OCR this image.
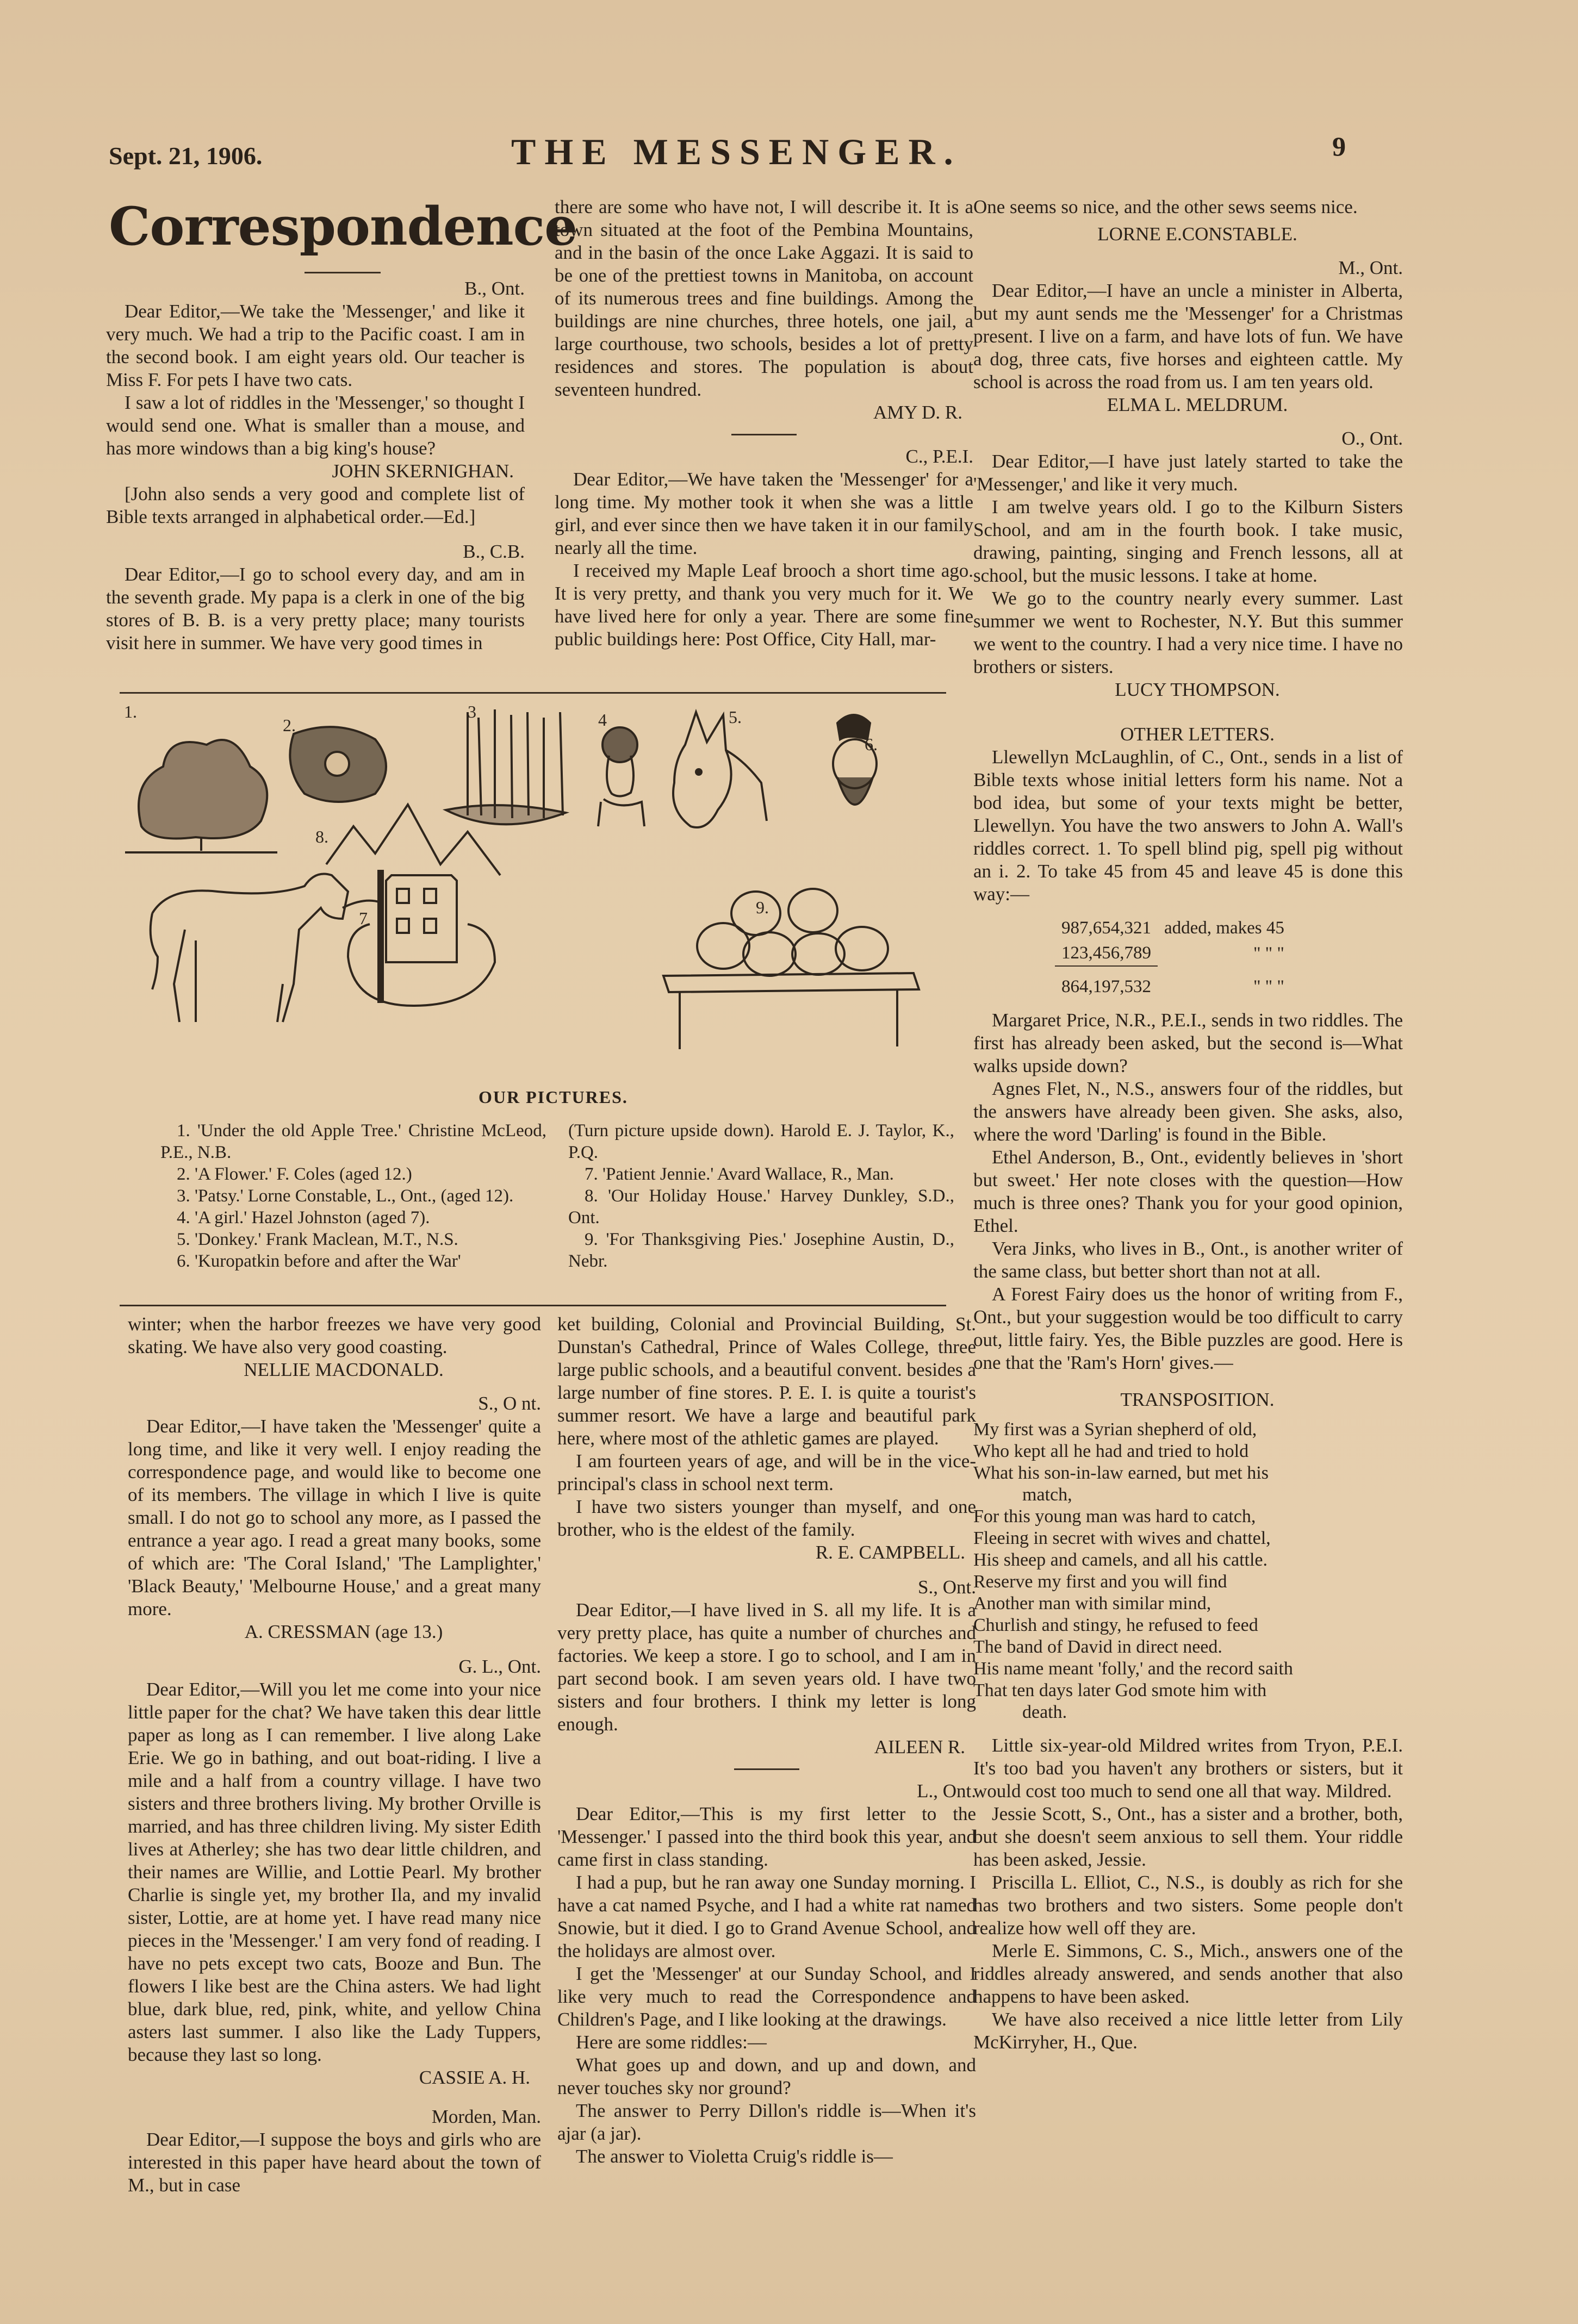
Sept. 21, 1906.	THE MESSENGER.	9
Correspondence

B., Ont.

Dear Editor,—We take the 'Messenger,' and like it very much. We had a trip to the Pacific coast. I am in the second book. I am eight years old. Our teacher is Miss F. For pets I have two cats.

I saw a lot of riddles in the 'Messenger,' so thought I would send one. What is smaller than a mouse, and has more windows than a big king's house?

JOHN SKERNIGHAN.

[John also sends a very good and complete list of Bible texts arranged in alphabetical order.—Ed.]

B., C.B.

Dear Editor,—I go to school every day, and am in the seventh grade. My papa is a clerk in one of the big stores of B. B. is a very pretty place; many tourists visit here in summer. We have very good times in

there are some who have not, I will describe it. It is a town situated at the foot of the Pembina Mountains, and in the basin of the once Lake Aggazi. It is said to be one of the prettiest towns in Manitoba, on account of its numerous trees and fine buildings. Among the buildings are nine churches, three hotels, one jail, a large courthouse, two schools, besides a lot of pretty residences and stores. The population is about seventeen hundred.

AMY D. R.

C., P.E.I.

Dear Editor,—We have taken the 'Messenger' for a long time. My mother took it when she was a little girl, and ever since then we have taken it in our family nearly all the time.

I received my Maple Leaf brooch a short time ago. It is very pretty, and thank you very much for it. We have lived here for only a year. There are some fine public buildings here: Post Office, City Hall, mar-

One seems so nice, and the other sews seems nice.

LORNE E.CONSTABLE.

M., Ont.

Dear Editor,—I have an uncle a minister in Alberta, but my aunt sends me the 'Messenger' for a Christmas present. I live on a farm, and have lots of fun. We have a dog, three cats, five horses and eighteen cattle. My school is across the road from us. I am ten years old.

ELMA L. MELDRUM.

O., Ont.

Dear Editor,—I have just lately started to take the 'Messenger,' and like it very much.

I am twelve years old. I go to the Kilburn Sisters School, and am in the fourth book. I take music, drawing, painting, singing and French lessons, all at school, but the music lessons. I take at home.

We go to the country nearly every summer. Last summer we went to Rochester, N.Y. But this summer we went to the country. I had a very nice time. I have no brothers or sisters.

LUCY THOMPSON.

OTHER LETTERS.

Llewellyn McLaughlin, of C., Ont., sends in a list of Bible texts whose initial letters form his name. Not a bod idea, but some of your texts might be better, Llewellyn. You have the two answers to John A. Wall's riddles correct. 1. To spell blind pig, spell pig without an i. 2. To take 45 from 45 and leave 45 is done this way:—

987,654,321	added, makes 45
123,456,789	" " "
864,197,532	" " "

Margaret Price, N.R., P.E.I., sends in two riddles. The first has already been asked, but the second is—What walks upside down?

Agnes Flet, N., N.S., answers four of the riddles, but the answers have already been given. She asks, also, where the word 'Darling' is found in the Bible.

Ethel Anderson, B., Ont., evidently believes in 'short but sweet.' Her note closes with the question—How much is three ones? Thank you for your good opinion, Ethel.

Vera Jinks, who lives in B., Ont., is another writer of the same class, but better short than not at all.

A Forest Fairy does us the honor of writing from F., Ont., but your suggestion would be too difficult to carry out, little fairy. Yes, the Bible puzzles are good. Here is one that the 'Ram's Horn' gives.—

TRANSPOSITION.

My first was a Syrian shepherd of old,
Who kept all he had and tried to hold
What his son-in-law earned, but met his
match,
For this young man was hard to catch,
Fleeing in secret with wives and chattel,
His sheep and camels, and all his cattle.
Reserve my first and you will find
Another man with similar mind,
Churlish and stingy, he refused to feed
The band of David in direct need.
His name meant 'folly,' and the record saith
That ten days later God smote him with
death.

Little six-year-old Mildred writes from Tryon, P.E.I. It's too bad you haven't any brothers or sisters, but it would cost too much to send one all that way. Mildred.

Jessie Scott, S., Ont., has a sister and a brother, both, but she doesn't seem anxious to sell them. Your riddle has been asked, Jessie.

Priscilla L. Elliot, C., N.S., is doubly as rich for she has two brothers and two sisters. Some people don't realize how well off they are.

Merle E. Simmons, C. S., Mich., answers one of the riddles already answered, and sends another that also happens to have been asked.

We have also received a nice little letter from Lily McKirryher, H., Que.

1.
2.
3	4	5.
6.
7
8.
9.
OUR PICTURES.

1. 'Under the old Apple Tree.' Christine McLeod, P.E., N.B.

2. 'A Flower.' F. Coles (aged 12.)

3. 'Patsy.' Lorne Constable, L., Ont., (aged 12).

4. 'A girl.' Hazel Johnston (aged 7).

5. 'Donkey.' Frank Maclean, M.T., N.S.

6. 'Kuropatkin before and after the War'

(Turn picture upside down). Harold E. J. Taylor, K., P.Q.

7. 'Patient Jennie.' Avard Wallace, R., Man.

8. 'Our Holiday House.' Harvey Dunkley, S.D., Ont.

9. 'For Thanksgiving Pies.' Josephine Austin, D., Nebr.

winter; when the harbor freezes we have very good skating. We have also very good coasting.

NELLIE MACDONALD.

S., O nt.

Dear Editor,—I have taken the 'Messenger' quite a long time, and like it very well. I enjoy reading the correspondence page, and would like to become one of its members. The village in which I live is quite small. I do not go to school any more, as I passed the entrance a year ago. I read a great many books, some of which are: 'The Coral Island,' 'The Lamplighter,' 'Black Beauty,' 'Melbourne House,' and a great many more.

A. CRESSMAN (age 13.)

G. L., Ont.

Dear Editor,—Will you let me come into your nice little paper for the chat? We have taken this dear little paper as long as I can remember. I live along Lake Erie. We go in bathing, and out boat-riding. I live a mile and a half from a country village. I have two sisters and three brothers living. My brother Orville is married, and has three children living. My sister Edith lives at Atherley; she has two dear little children, and their names are Willie, and Lottie Pearl. My brother Charlie is single yet, my brother Ila, and my invalid sister, Lottie, are at home yet. I have read many nice pieces in the 'Messenger.' I am very fond of reading. I have no pets except two cats, Booze and Bun. The flowers I like best are the China asters. We had light blue, dark blue, red, pink, white, and yellow China asters last summer. I also like the Lady Tuppers, because they last so long.

CASSIE A. H.

Morden, Man.

Dear Editor,—I suppose the boys and girls who are interested in this paper have heard about the town of M., but in case

ket building, Colonial and Provincial Building, St. Dunstan's Cathedral, Prince of Wales College, three large public schools, and a beautiful convent. besides a large number of fine stores. P. E. I. is quite a tourist's summer resort. We have a large and beautiful park here, where most of the athletic games are played.

I am fourteen years of age, and will be in the vice-principal's class in school next term.

I have two sisters younger than myself, and one brother, who is the eldest of the family.

R. E. CAMPBELL.

S., Ont.

Dear Editor,—I have lived in S. all my life. It is a very pretty place, has quite a number of churches and factories. We keep a store. I go to school, and I am in part second book. I am seven years old. I have two sisters and four brothers. I think my letter is long enough.

AILEEN R.

L., Ont.

Dear Editor,—This is my first letter to the 'Messenger.' I passed into the third book this year, and came first in class standing.

I had a pup, but he ran away one Sunday morning. I have a cat named Psyche, and I had a white rat named Snowie, but it died. I go to Grand Avenue School, and the holidays are almost over.

I get the 'Messenger' at our Sunday School, and I like very much to read the Correspondence and Children's Page, and I like looking at the drawings.

Here are some riddles:—

What goes up and down, and up and down, and never touches sky nor ground?

The answer to Perry Dillon's riddle is—When it's ajar (a jar).

The answer to Violetta Cruig's riddle is—
